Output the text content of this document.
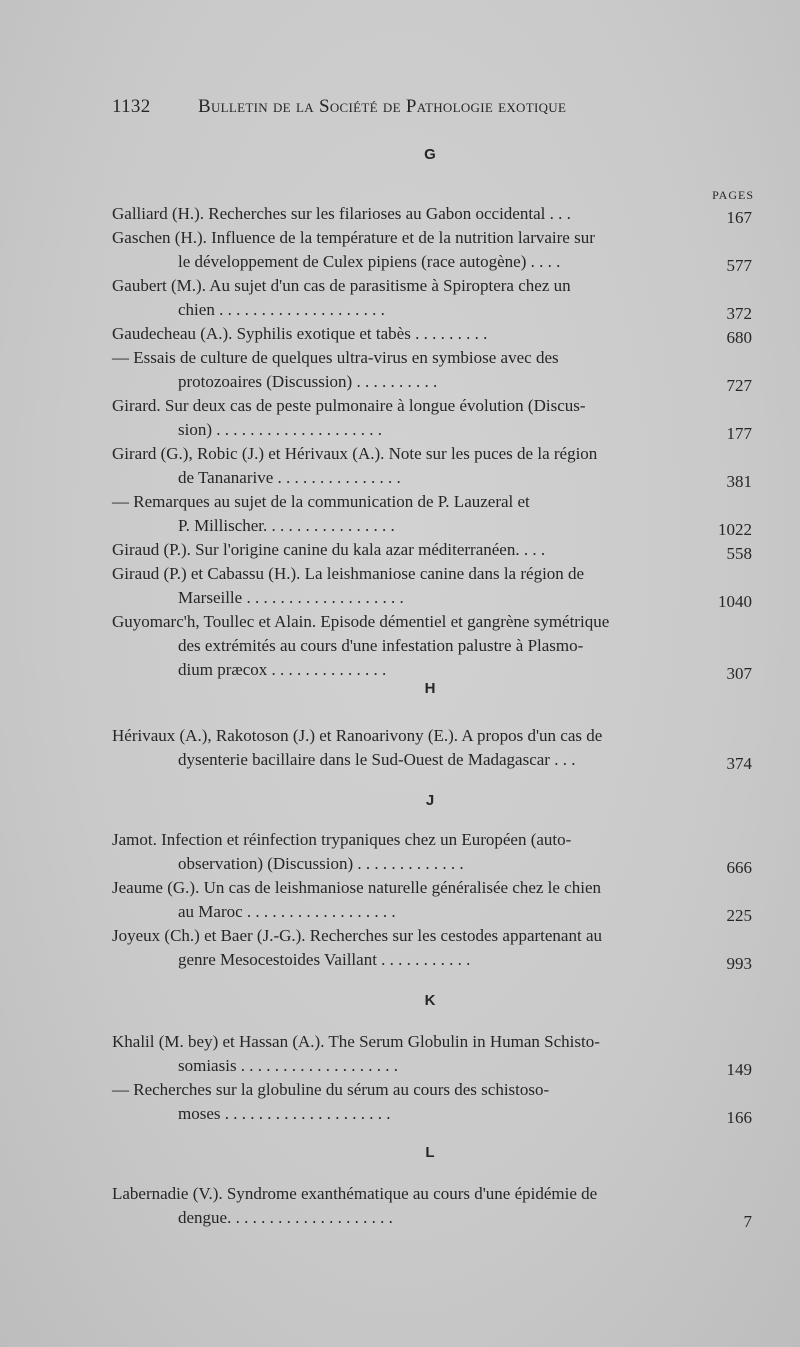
1132	Bulletin de la Société de Pathologie exotique
PAGES
G
Galliard (H.). Recherches sur les filarioses au Gabon occidental . . .	167
Gaschen (H.). Influence de la température et de la nutrition larvaire sur
le développement de Culex pipiens (race autogène) . . . .	577
Gaubert (M.). Au sujet d'un cas de parasitisme à Spiroptera chez un
chien . . . . . . . . . . . . . . . . . . . .	372
Gaudecheau (A.). Syphilis exotique et tabès . . . . . . . . .	680
— Essais de culture de quelques ultra-virus en symbiose avec des
protozoaires (Discussion) . . . . . . . . . .	727
Girard. Sur deux cas de peste pulmonaire à longue évolution (Discus-
sion) . . . . . . . . . . . . . . . . . . . .	177
Girard (G.), Robic (J.) et Hérivaux (A.). Note sur les puces de la région
de Tananarive . . . . . . . . . . . . . . .	381
— Remarques au sujet de la communication de P. Lauzeral et
P. Millischer. . . . . . . . . . . . . . . .	1022
Giraud (P.). Sur l'origine canine du kala azar méditerranéen. . . .	558
Giraud (P.) et Cabassu (H.). La leishmaniose canine dans la région de
Marseille . . . . . . . . . . . . . . . . . . .	1040
Guyomarc'h, Toullec et Alain. Episode démentiel et gangrène symétrique
des extrémités au cours d'une infestation palustre à Plasmo-
dium præcox . . . . . . . . . . . . . .	307
H
Hérivaux (A.), Rakotoson (J.) et Ranoarivony (E.). A propos d'un cas de
dysenterie bacillaire dans le Sud-Ouest de Madagascar . . .	374
J
Jamot. Infection et réinfection trypaniques chez un Européen (auto-
observation) (Discussion) . . . . . . . . . . . . .	666
Jeaume (G.). Un cas de leishmaniose naturelle généralisée chez le chien
au Maroc . . . . . . . . . . . . . . . . . .	225
Joyeux (Ch.) et Baer (J.-G.). Recherches sur les cestodes appartenant au
genre Mesocestoides Vaillant . . . . . . . . . . .	993
K
Khalil (M. bey) et Hassan (A.). The Serum Globulin in Human Schisto-
somiasis . . . . . . . . . . . . . . . . . . .	149
— Recherches sur la globuline du sérum au cours des schistoso-
moses . . . . . . . . . . . . . . . . . . . .	166
L
Labernadie (V.). Syndrome exanthématique au cours d'une épidémie de
dengue. . . . . . . . . . . . . . . . . . . .	7
